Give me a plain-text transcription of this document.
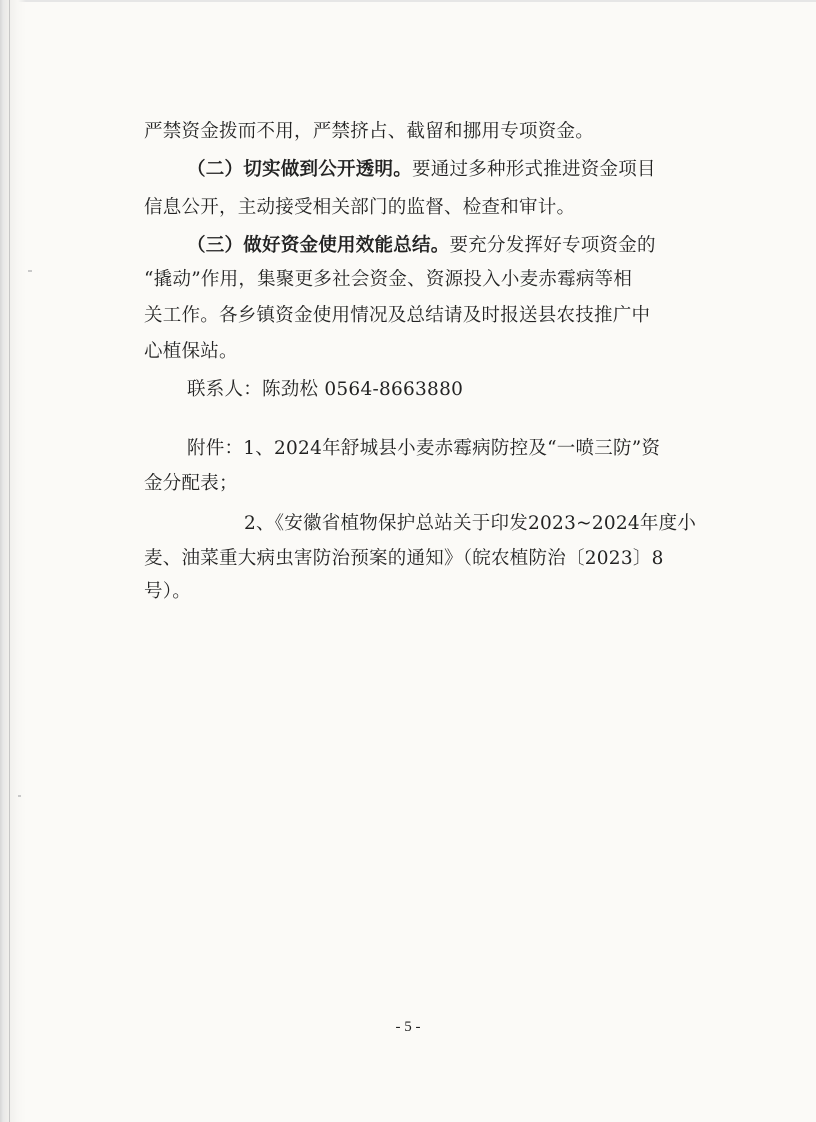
严禁资金拨而不用，严禁挤占、截留和挪用专项资金。
（二）切实做到公开透明。要通过多种形式推进资金项目
信息公开，主动接受相关部门的监督、检查和审计。
（三）做好资金使用效能总结。要充分发挥好专项资金的
“撬动”作用，集聚更多社会资金、资源投入小麦赤霉病等相
关工作。各乡镇资金使用情况及总结请及时报送县农技推广中
心植保站。
联系人：陈劲松 0564-8663880
附件：1、2024年舒城县小麦赤霉病防控及“一喷三防”资
金分配表；
2、《安徽省植物保护总站关于印发2023~2024年度小
麦、油菜重大病虫害防治预案的通知》（皖农植防治〔2023〕8
号）。
- 5 -
